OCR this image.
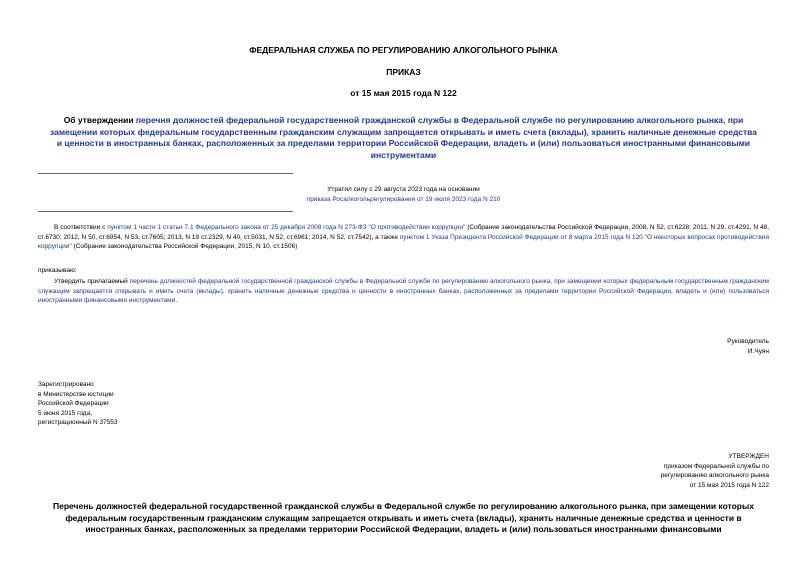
ФЕДЕРАЛЬНАЯ СЛУЖБА ПО РЕГУЛИРОВАНИЮ АЛКОГОЛЬНОГО РЫНКА
ПРИКАЗ
от 15 мая 2015 года N 122
Об утверждении перечня должностей федеральной государственной гражданской службы в Федеральной службе по регулированию алкогольного рынка, при замещении которых федеральным государственным гражданским служащим запрещается открывать и иметь счета (вклады), хранить наличные денежные средства и ценности в иностранных банках, расположенных за пределами территории Российской Федерации, владеть и (или) пользоваться иностранными финансовыми инструментами
Утратил силу с 29 августа 2023 года на основании
приказа Росалкогольрегулирования от 19 июля 2023 года N 210
В соответствии с пунктом 1 части 1 статьи 7.1 Федерального закона от 25 декабря 2008 года N 273-ФЗ "О противодействии коррупции" (Собрание законодательства Российской Федерации, 2008, N 52, ст.6228; 2011, N 29, ст.4291, N 48, ст.6730; 2012, N 50, ст.6954, N 53, ст.7605; 2013, N 19 ст.2329, N 40, ст.5031, N 52, ст.6961; 2014, N 52, ст.7542), а также пунктом 1 Указа Президента Российской Федерации от 8 марта 2015 года N 120 "О некоторых вопросах противодействия коррупции" (Собрание законодательства Российской Федерации, 2015, N 10, ст.1506)
приказываю:
Утвердить прилагаемый перечень должностей федеральной государственной гражданской службы в Федеральной службе по регулированию алкогольного рынка, при замещении которых федеральным государственным гражданским служащим запрещается открывать и иметь счета (вклады), хранить наличные денежные средства и ценности в иностранных банках, расположенных за пределами территории Российской Федерации, владеть и (или) пользоваться иностранными финансовыми инструментами.
Руководитель
И.Чуян
Зарегистрировано
в Министерстве юстиции
Российской Федерации
5 июня 2015 года,
регистрационный N 37553
УТВЕРЖДЕН
приказом Федеральной службы по
регулированию алкогольного рынка
от 15 мая 2015 года N 122
Перечень должностей федеральной государственной гражданской службы в Федеральной службе по регулированию алкогольного рынка, при замещении которых федеральным государственным гражданским служащим запрещается открывать и иметь счета (вклады), хранить наличные денежные средства и ценности в иностранных банках, расположенных за пределами территории Российской Федерации, владеть и (или) пользоваться иностранными финансовыми
